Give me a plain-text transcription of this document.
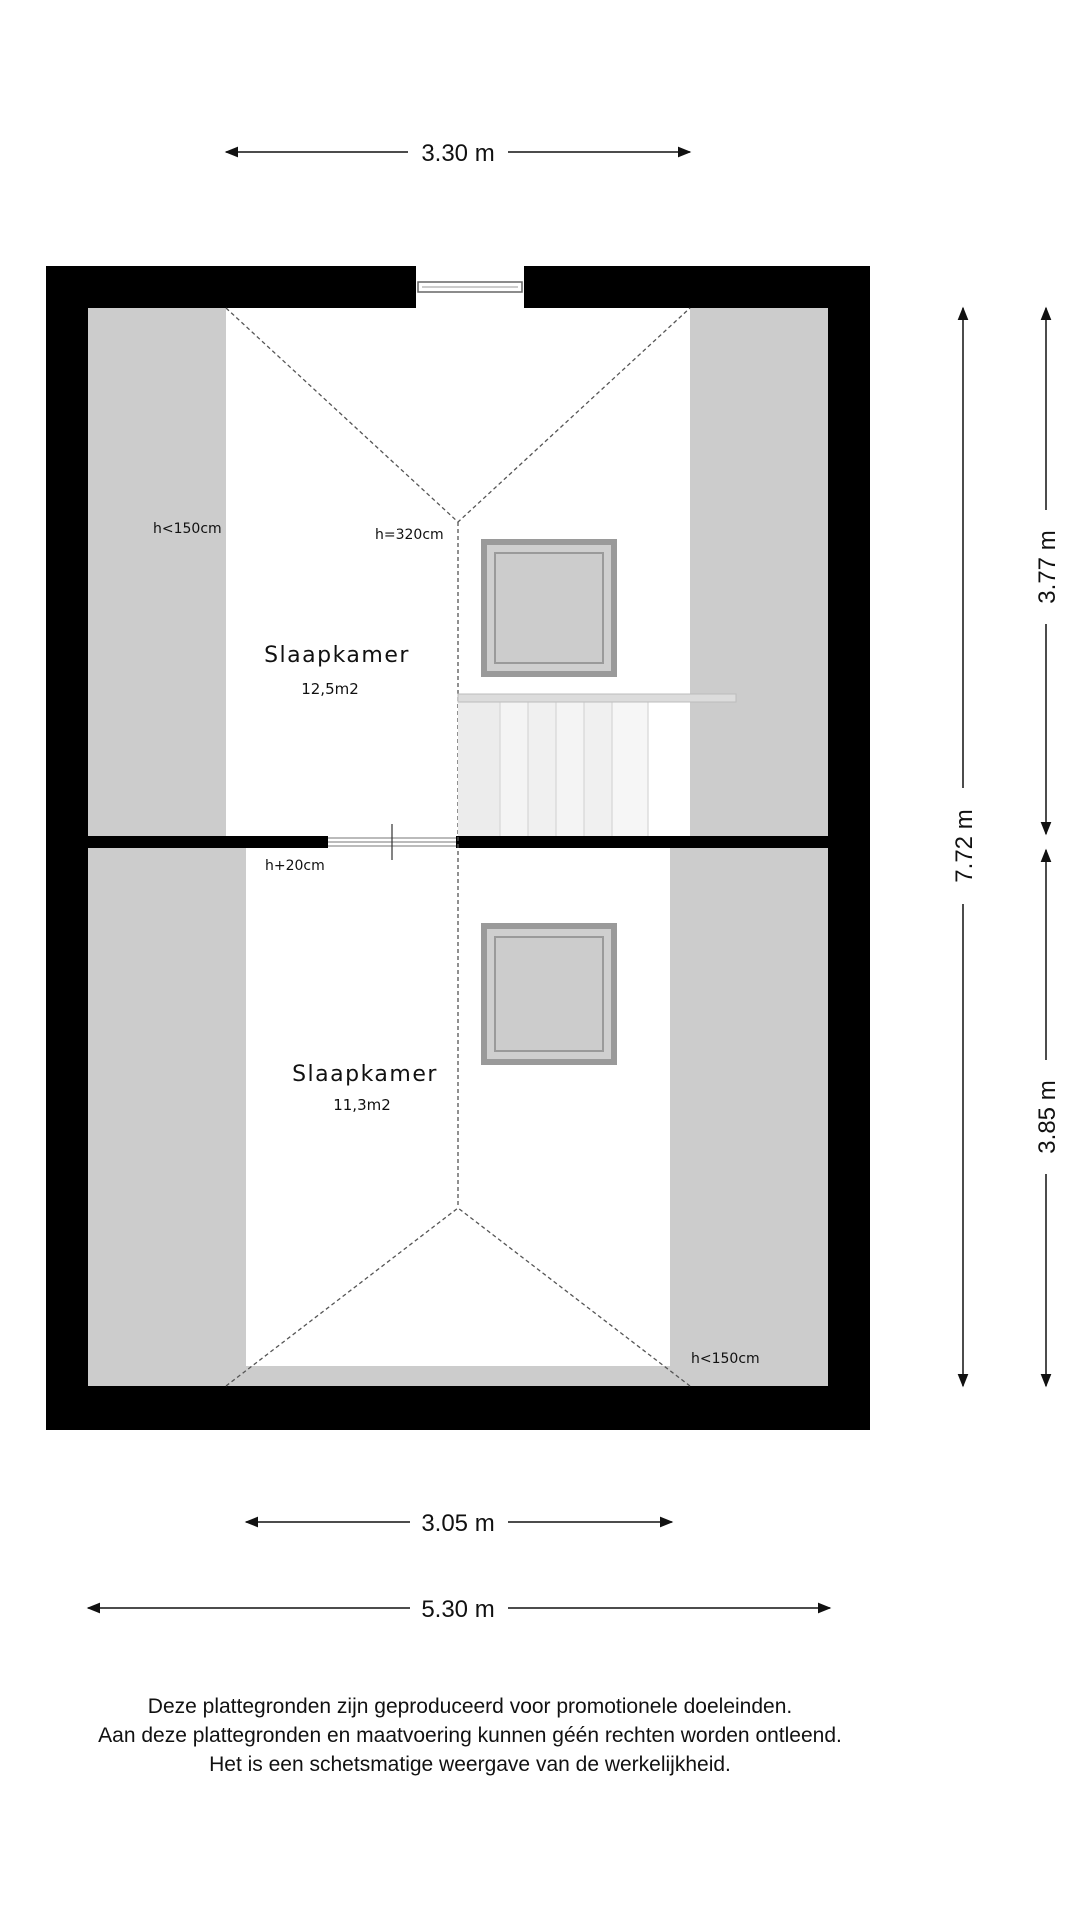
Slaapkamer
12,5m2
Slaapkamer
11,3m2
h<150cm	h=320cm
h+20cm
h<150cm
3.30 m
3.05 m
5.30 m
7.72 m
3.77 m
3.85 m
Deze plattegronden zijn geproduceerd voor promotionele doeleinden.
Aan deze plattegronden en maatvoering kunnen géén rechten worden ontleend.
Het is een schetsmatige weergave van de werkelijkheid.
